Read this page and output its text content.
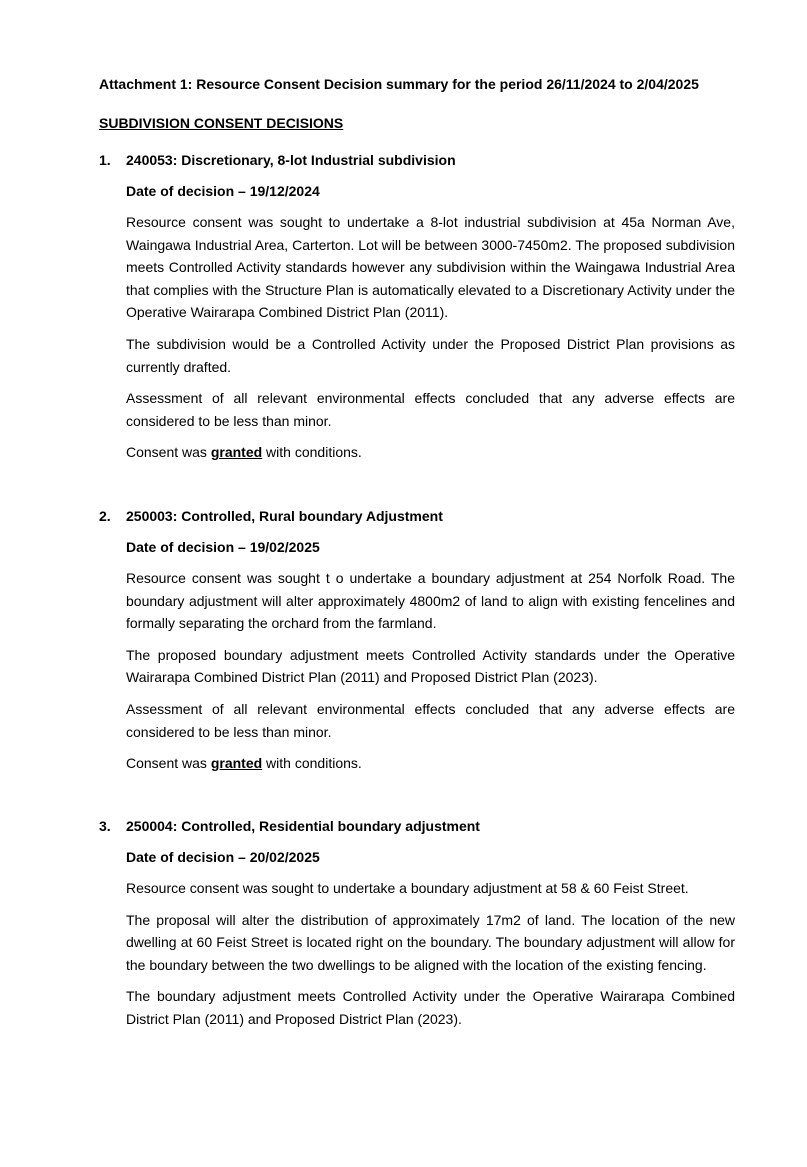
Attachment 1: Resource Consent Decision summary for the period 26/11/2024 to 2/04/2025
SUBDIVISION CONSENT DECISIONS
1. 240053: Discretionary, 8-lot Industrial subdivision
Date of decision – 19/12/2024

Resource consent was sought to undertake a 8-lot industrial subdivision at 45a Norman Ave, Waingawa Industrial Area, Carterton. Lot will be between 3000-7450m2. The proposed subdivision meets Controlled Activity standards however any subdivision within the Waingawa Industrial Area that complies with the Structure Plan is automatically elevated to a Discretionary Activity under the Operative Wairarapa Combined District Plan (2011).

The subdivision would be a Controlled Activity under the Proposed District Plan provisions as currently drafted.

Assessment of all relevant environmental effects concluded that any adverse effects are considered to be less than minor.

Consent was granted with conditions.

2. 250003: Controlled, Rural boundary Adjustment
Date of decision – 19/02/2025

Resource consent was sought t o undertake a boundary adjustment at 254 Norfolk Road. The boundary adjustment will alter approximately 4800m2 of land to align with existing fencelines and formally separating the orchard from the farmland.

The proposed boundary adjustment meets Controlled Activity standards under the Operative Wairarapa Combined District Plan (2011) and Proposed District Plan (2023).

Assessment of all relevant environmental effects concluded that any adverse effects are considered to be less than minor.

Consent was granted with conditions.

3. 250004: Controlled, Residential boundary adjustment
Date of decision – 20/02/2025

Resource consent was sought to undertake a boundary adjustment at 58 & 60 Feist Street.

The proposal will alter the distribution of approximately 17m2 of land. The location of the new dwelling at 60 Feist Street is located right on the boundary. The boundary adjustment will allow for the boundary between the two dwellings to be aligned with the location of the existing fencing.

The boundary adjustment meets Controlled Activity under the Operative Wairarapa Combined District Plan (2011) and Proposed District Plan (2023).
